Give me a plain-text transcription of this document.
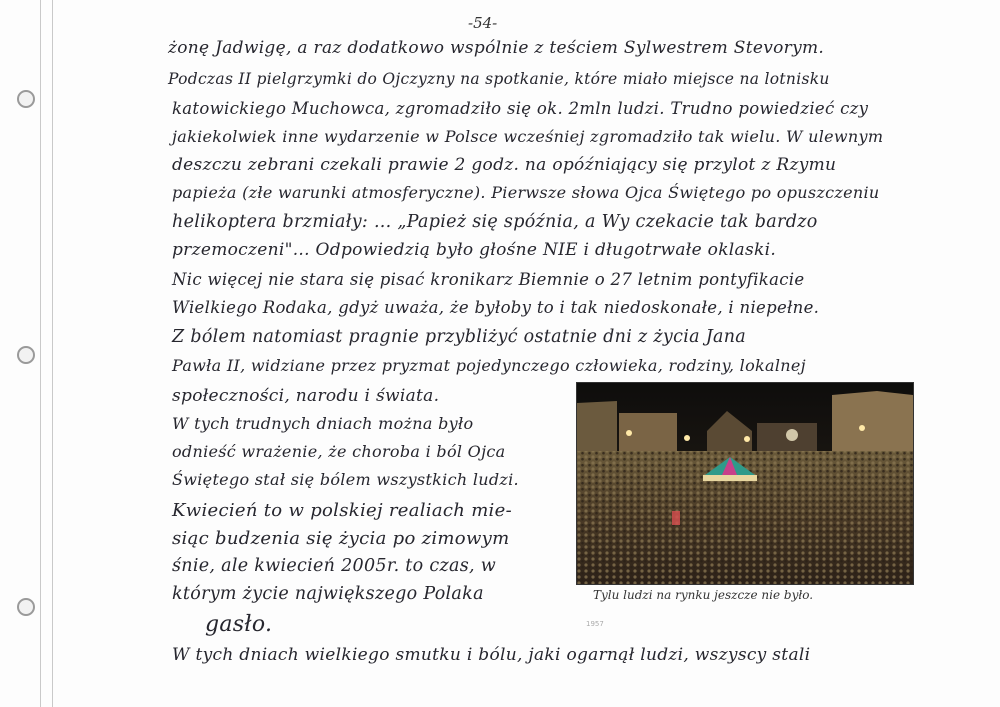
-54-
żonę Jadwigę, a raz dodatkowo wspólnie z teściem Sylwestrem Stevorym.
Podczas II pielgrzymki do Ojczyzny na spotkanie, które miało miejsce na lotnisku
katowickiego Muchowca, zgromadziło się ok. 2mln ludzi. Trudno powiedzieć czy
jakiekolwiek inne wydarzenie w Polsce wcześniej zgromadziło tak wielu. W ulewnym
deszczu zebrani czekali prawie 2 godz. na opóźniający się przylot z Rzymu
papieża (złe warunki atmosferyczne). Pierwsze słowa Ojca Świętego po opuszczeniu
helikoptera brzmiały: ... „Papież się spóźnia, a Wy czekacie tak bardzo
przemoczeni"... Odpowiedzią było głośne NIE i długotrwałe oklaski.
Nic więcej nie stara się pisać kronikarz Biemnie o 27 letnim pontyfikacie
Wielkiego Rodaka, gdyż uważa, że byłoby to i tak niedoskonałe, i niepełne.
Z bólem natomiast pragnie przybliżyć ostatnie dni z życia Jana
Pawła II, widziane przez pryzmat pojedynczego człowieka, rodziny, lokalnej
społeczności, narodu i świata.
W tych trudnych dniach można było
odnieść wrażenie, że choroba i ból Ojca
Świętego stał się bólem wszystkich ludzi.
Kwiecień to w polskiej realiach mie-
siąc budzenia się życia po zimowym
śnie, ale kwiecień 2005r. to czas, w
którym życie największego Polaka
gasło.
W tych dniach wielkiego smutku i bólu, jaki ogarnął ludzi, wszyscy stali
Tylu ludzi na rynku jeszcze nie było.
1957
